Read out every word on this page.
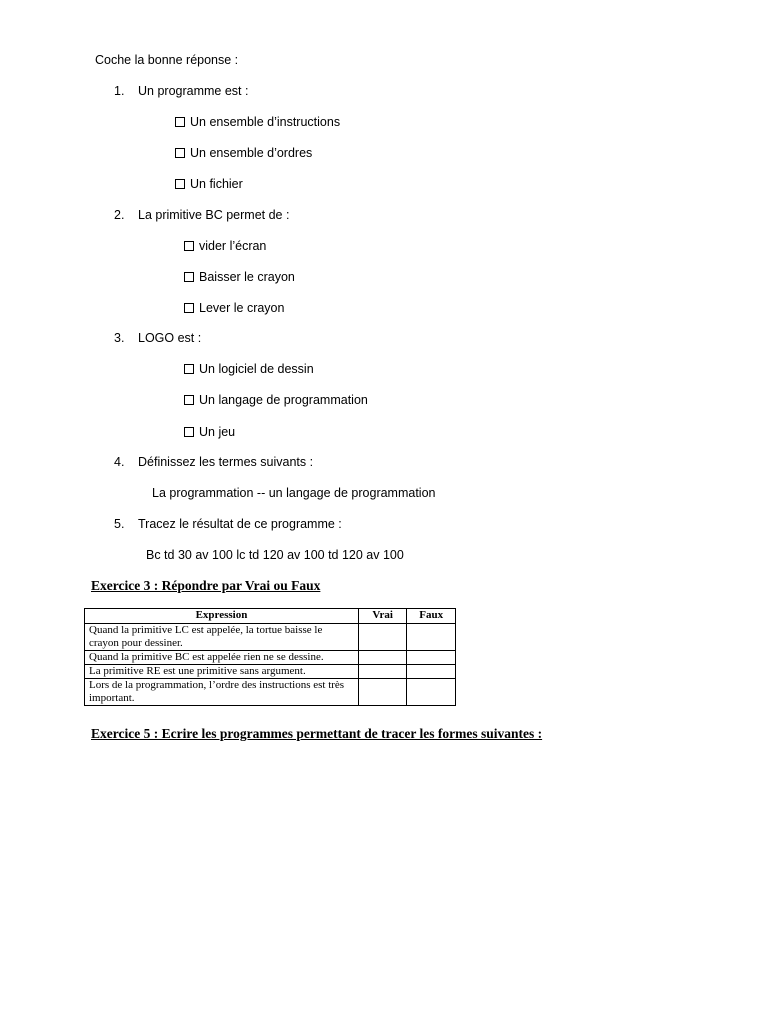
Coche la bonne réponse :
1. Un programme est :
Un ensemble d’instructions
Un ensemble d’ordres
Un fichier
2. La primitive BC permet de :
vider l’écran
Baisser le crayon
Lever le crayon
3. LOGO est :
Un logiciel de dessin
Un langage de programmation
Un jeu
4. Définissez les termes suivants :
La programmation -- un langage de programmation
5. Tracez le résultat de ce programme :
Bc td 30 av 100 lc td 120 av 100 td 120 av 100
Exercice 3 : Répondre par Vrai ou Faux
Expression	Vrai	Faux
Quand la primitive LC est appelée, la tortue baisse le crayon pour dessiner.		
Quand la primitive BC est appelée rien ne se dessine.		
La primitive RE est une primitive sans argument.		
Lors de la programmation, l’ordre des instructions est très important.		
Exercice 5 : Ecrire les programmes permettant de tracer les formes suivantes :
